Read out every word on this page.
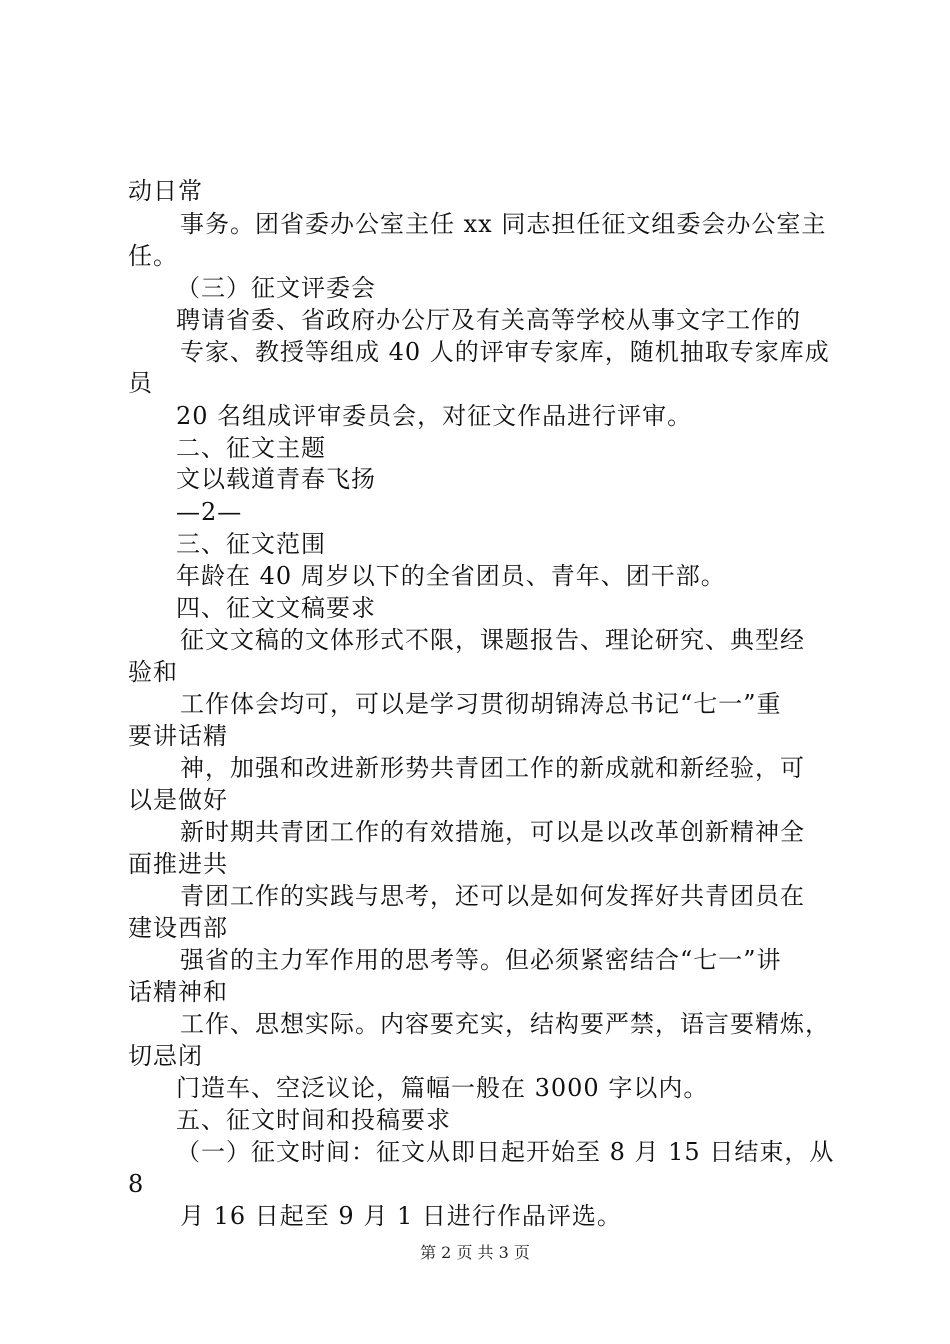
动日常
事务。团省委办公室主任 xx 同志担任征文组委会办公室主
任。
（三）征文评委会
聘请省委、省政府办公厅及有关高等学校从事文字工作的
专家、教授等组成 40 人的评审专家库，随机抽取专家库成
员
20 名组成评审委员会，对征文作品进行评审。
二、征文主题
文以载道青春飞扬
—2—
三、征文范围
年龄在 40 周岁以下的全省团员、青年、团干部。
四、征文文稿要求
征文文稿的文体形式不限，课题报告、理论研究、典型经
验和
工作体会均可，可以是学习贯彻胡锦涛总书记“七一”重
要讲话精
神，加强和改进新形势共青团工作的新成就和新经验，可
以是做好
新时期共青团工作的有效措施，可以是以改革创新精神全
面推进共
青团工作的实践与思考，还可以是如何发挥好共青团员在
建设西部
强省的主力军作用的思考等。但必须紧密结合“七一”讲
话精神和
工作、思想实际。内容要充实，结构要严禁，语言要精炼，
切忌闭
门造车、空泛议论，篇幅一般在 3000 字以内。
五、征文时间和投稿要求
（一）征文时间：征文从即日起开始至 8 月 15 日结束，从
8
月 16 日起至 9 月 1 日进行作品评选。
第 2 页 共 3 页
